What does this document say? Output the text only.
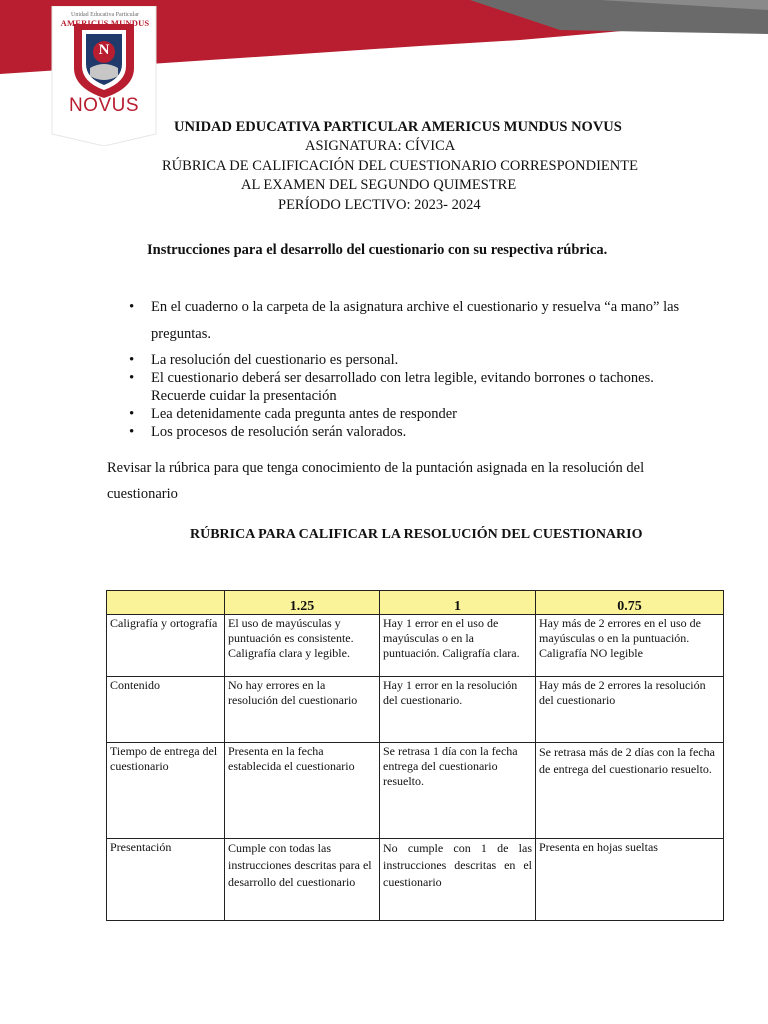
Unidad Educativa Particular
AMERICUS MUNDUS
N
NOVUS
UNIDAD EDUCATIVA PARTICULAR AMERICUS MUNDUS NOVUS
ASIGNATURA: CÍVICA
RÚBRICA DE CALIFICACIÓN DEL CUESTIONARIO CORRESPONDIENTE
AL EXAMEN DEL SEGUNDO QUIMESTRE
PERÍODO LECTIVO: 2023- 2024
Instrucciones para el desarrollo del cuestionario con su respectiva rúbrica.
• En el cuaderno o la carpeta de la asignatura archive el cuestionario y resuelva “a mano” las preguntas.
• La resolución del cuestionario es personal.
• El cuestionario deberá ser desarrollado con letra legible, evitando borrones o tachones. Recuerde cuidar la presentación
• Lea detenidamente cada pregunta antes de responder
• Los procesos de resolución serán valorados.
Revisar la rúbrica para que tenga conocimiento de la puntación asignada en la resolución del cuestionario
RÚBRICA PARA CALIFICAR LA RESOLUCIÓN DEL CUESTIONARIO
	1.25	1	0.75
Caligrafía y ortografía	El uso de mayúsculas y puntuación es consistente. Caligrafía clara y legible.	Hay 1 error en el uso de mayúsculas o en la puntuación. Caligrafía clara.	Hay más de 2 errores en el uso de mayúsculas o en la puntuación. Caligrafía NO legible
Contenido	No hay errores en la resolución del cuestionario	Hay 1 error en la resolución del cuestionario.	Hay más de 2 errores la resolución del cuestionario
Tiempo de entrega del cuestionario	Presenta en la fecha establecida el cuestionario	Se retrasa 1 día con la fecha entrega del cuestionario resuelto.	Se retrasa más de 2 días con la fecha de entrega del cuestionario resuelto.
Presentación	Cumple con todas las instrucciones descritas para el desarrollo del cuestionario	No cumple con 1 de las instrucciones descritas en el cuestionario	Presenta en hojas sueltas
